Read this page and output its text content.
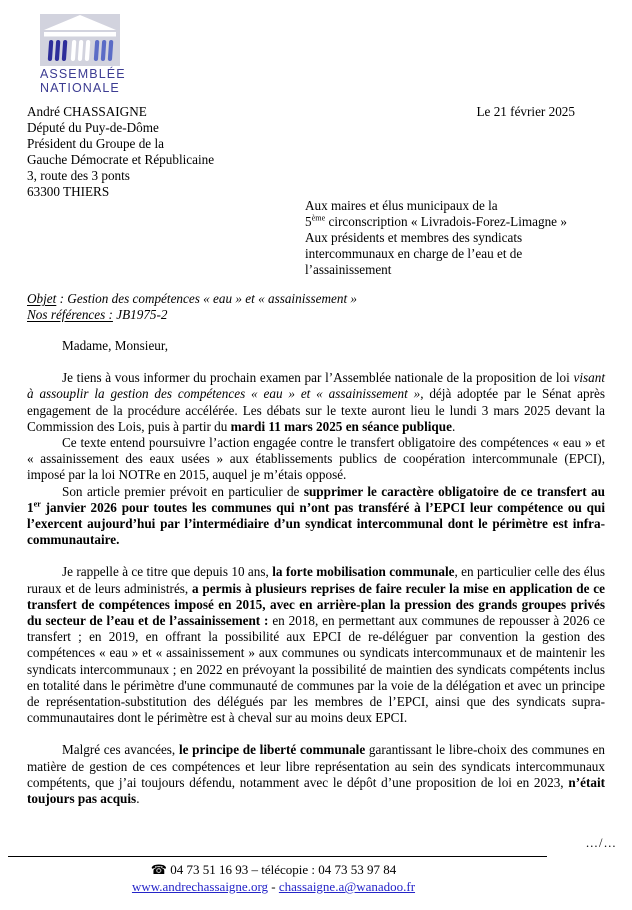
ASSEMBLÉE
NATIONALE
Le 21 février 2025
André CHASSAIGNE
Député du Puy-de-Dôme
Président du Groupe de la
Gauche Démocrate et Républicaine
3, route des 3 ponts
63300 THIERS
Aux maires et élus municipaux de la
5ème circonscription « Livradois-Forez-Limagne »
Aux présidents et membres des syndicats
intercommunaux en charge de l’eau et de
l’assainissement
Objet : Gestion des compétences « eau » et « assainissement »
Nos références : JB1975-2

Madame, Monsieur,

Je tiens à vous informer du prochain examen par l’Assemblée nationale de la proposition de loi visant à assouplir la gestion des compétences « eau » et « assainissement », déjà adoptée par le Sénat après engagement de la procédure accélérée. Les débats sur le texte auront lieu le lundi 3 mars 2025 devant la Commission des Lois, puis à partir du mardi 11 mars 2025 en séance publique.

Ce texte entend poursuivre l’action engagée contre le transfert obligatoire des compétences « eau » et « assainissement des eaux usées » aux établissements publics de coopération intercommunale (EPCI), imposé par la loi NOTRe en 2015, auquel je m’étais opposé.

Son article premier prévoit en particulier de supprimer le caractère obligatoire de ce transfert au 1er janvier 2026 pour toutes les communes qui n’ont pas transféré à l’EPCI leur compétence ou qui l’exercent aujourd’hui par l’intermédiaire d’un syndicat intercommunal dont le périmètre est infra-communautaire.

Je rappelle à ce titre que depuis 10 ans, la forte mobilisation communale, en particulier celle des élus ruraux et de leurs administrés, a permis à plusieurs reprises de faire reculer la mise en application de ce transfert de compétences imposé en 2015, avec en arrière-plan la pression des grands groupes privés du secteur de l’eau et de l’assainissement : en 2018, en permettant aux communes de repousser à 2026 ce transfert ; en 2019, en offrant la possibilité aux EPCI de re-déléguer par convention la gestion des compétences « eau » et « assainissement » aux communes ou syndicats intercommunaux et de maintenir les syndicats intercommunaux ; en 2022 en prévoyant la possibilité de maintien des syndicats compétents inclus en totalité dans le périmètre d'une communauté de communes par la voie de la délégation et avec un principe de représentation-substitution des délégués par les membres de l’EPCI, ainsi que des syndicats supra-communautaires dont le périmètre est à cheval sur au moins deux EPCI.

Malgré ces avancées, le principe de liberté communale garantissant le libre-choix des communes en matière de gestion de ces compétences et leur libre représentation au sein des syndicats intercommunaux compétents, que j’ai toujours défendu, notamment avec le dépôt d’une proposition de loi en 2023, n’était toujours pas acquis.

…/…
☎ 04 73 51 16 93 – télécopie : 04 73 53 97 84
www.andrechassaigne.org - chassaigne.a@wanadoo.fr
